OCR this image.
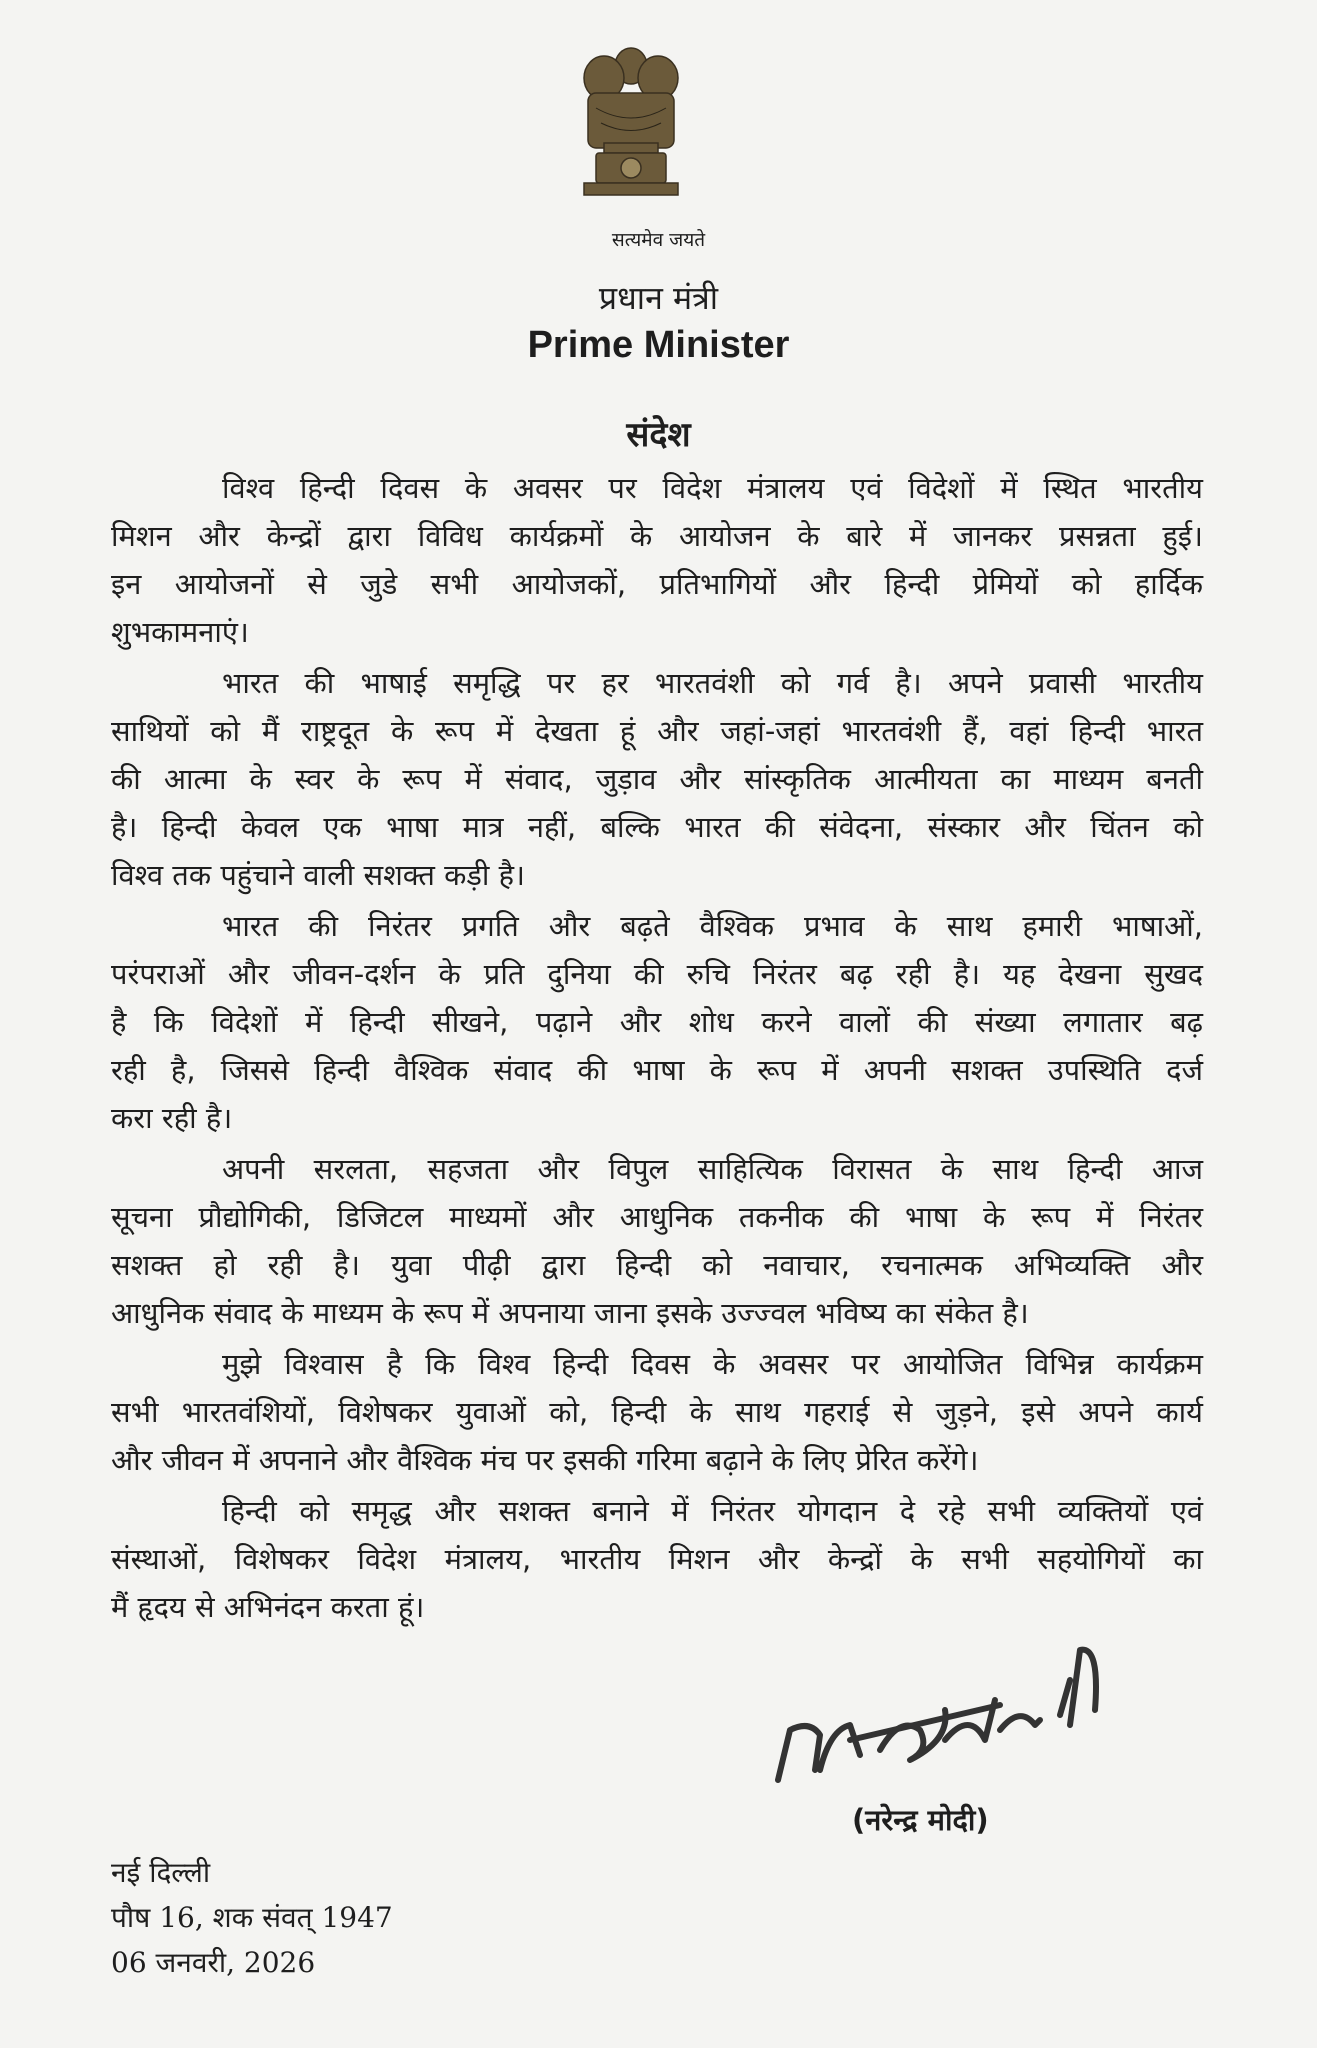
सत्यमेव जयते
प्रधान मंत्री
Prime Minister
संदेश
विश्व हिन्दी दिवस के अवसर पर विदेश मंत्रालय एवं विदेशों में स्थित भारतीय
मिशन और केन्द्रों द्वारा विविध कार्यक्रमों के आयोजन के बारे में जानकर प्रसन्नता हुई।
इन आयोजनों से जुडे सभी आयोजकों, प्रतिभागियों और हिन्दी प्रेमियों को हार्दिक
शुभकामनाएं।
भारत की भाषाई समृद्धि पर हर भारतवंशी को गर्व है। अपने प्रवासी भारतीय
साथियों को मैं राष्ट्रदूत के रूप में देखता हूं और जहां-जहां भारतवंशी हैं, वहां हिन्दी भारत
की आत्मा के स्वर के रूप में संवाद, जुड़ाव और सांस्कृतिक आत्मीयता का माध्यम बनती
है। हिन्दी केवल एक भाषा मात्र नहीं, बल्कि भारत की संवेदना, संस्कार और चिंतन को
विश्व तक पहुंचाने वाली सशक्त कड़ी है।
भारत की निरंतर प्रगति और बढ़ते वैश्विक प्रभाव के साथ हमारी भाषाओं,
परंपराओं और जीवन-दर्शन के प्रति दुनिया की रुचि निरंतर बढ़ रही है। यह देखना सुखद
है कि विदेशों में हिन्दी सीखने, पढ़ाने और शोध करने वालों की संख्या लगातार बढ़
रही है, जिससे हिन्दी वैश्विक संवाद की भाषा के रूप में अपनी सशक्त उपस्थिति दर्ज
करा रही है।
अपनी सरलता, सहजता और विपुल साहित्यिक विरासत के साथ हिन्दी आज
सूचना प्रौद्योगिकी, डिजिटल माध्यमों और आधुनिक तकनीक की भाषा के रूप में निरंतर
सशक्त हो रही है। युवा पीढ़ी द्वारा हिन्दी को नवाचार, रचनात्मक अभिव्यक्ति और
आधुनिक संवाद के माध्यम के रूप में अपनाया जाना इसके उज्ज्वल भविष्य का संकेत है।
मुझे विश्वास है कि विश्व हिन्दी दिवस के अवसर पर आयोजित विभिन्न कार्यक्रम
सभी भारतवंशियों, विशेषकर युवाओं को, हिन्दी के साथ गहराई से जुड़ने, इसे अपने कार्य
और जीवन में अपनाने और वैश्विक मंच पर इसकी गरिमा बढ़ाने के लिए प्रेरित करेंगे।
हिन्दी को समृद्ध और सशक्त बनाने में निरंतर योगदान दे रहे सभी व्यक्तियों एवं
संस्थाओं, विशेषकर विदेश मंत्रालय, भारतीय मिशन और केन्द्रों के सभी सहयोगियों का
मैं हृदय से अभिनंदन करता हूं।
(नरेन्द्र मोदी)
नई दिल्ली
पौष 16, शक संवत् 1947
06 जनवरी, 2026
